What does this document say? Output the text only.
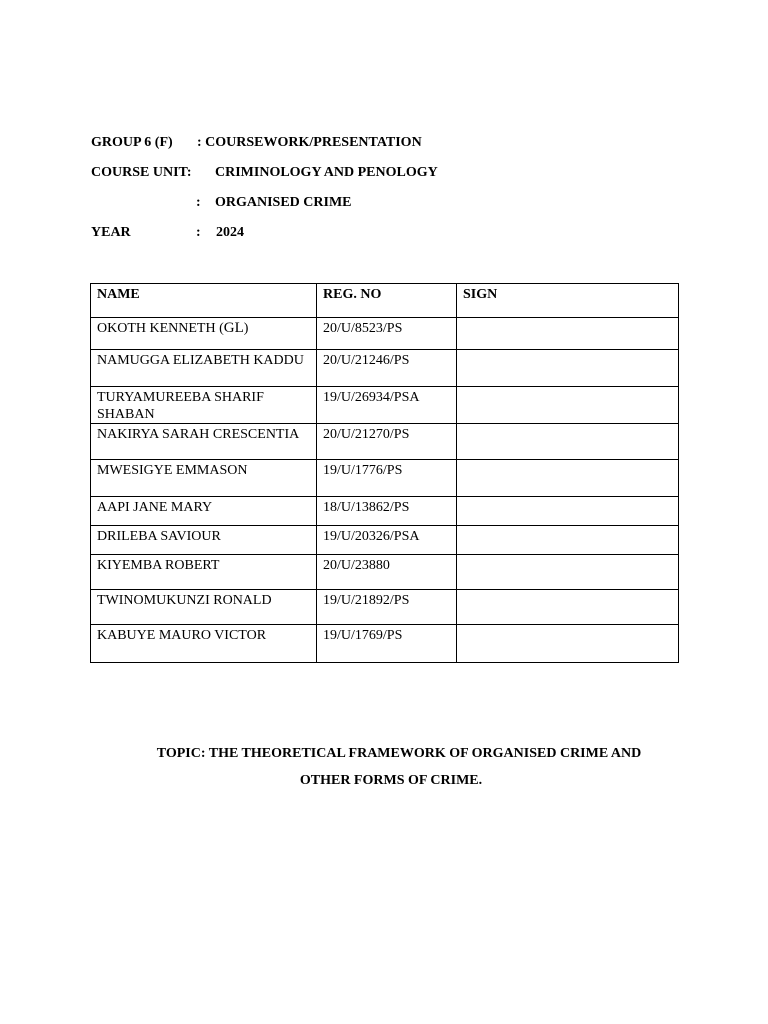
GROUP 6 (F) : COURSEWORK/PRESENTATION
COURSE UNIT: CRIMINOLOGY AND PENOLOGY
: ORGANISED CRIME
YEAR	: 2024
NAME	REG. NO	SIGN
OKOTH KENNETH (GL)	20/U/8523/PS	
NAMUGGA ELIZABETH KADDU	20/U/21246/PS	
TURYAMUREEBA SHARIF SHABAN	19/U/26934/PSA	
NAKIRYA SARAH CRESCENTIA	20/U/21270/PS	
MWESIGYE EMMASON	19/U/1776/PS	
AAPI JANE MARY	18/U/13862/PS	
DRILEBA SAVIOUR	19/U/20326/PSA	
KIYEMBA ROBERT	20/U/23880	
TWINOMUKUNZI RONALD	19/U/21892/PS	
KABUYE MAURO VICTOR	19/U/1769/PS	
TOPIC: THE THEORETICAL FRAMEWORK OF ORGANISED CRIME AND
OTHER FORMS OF CRIME.
